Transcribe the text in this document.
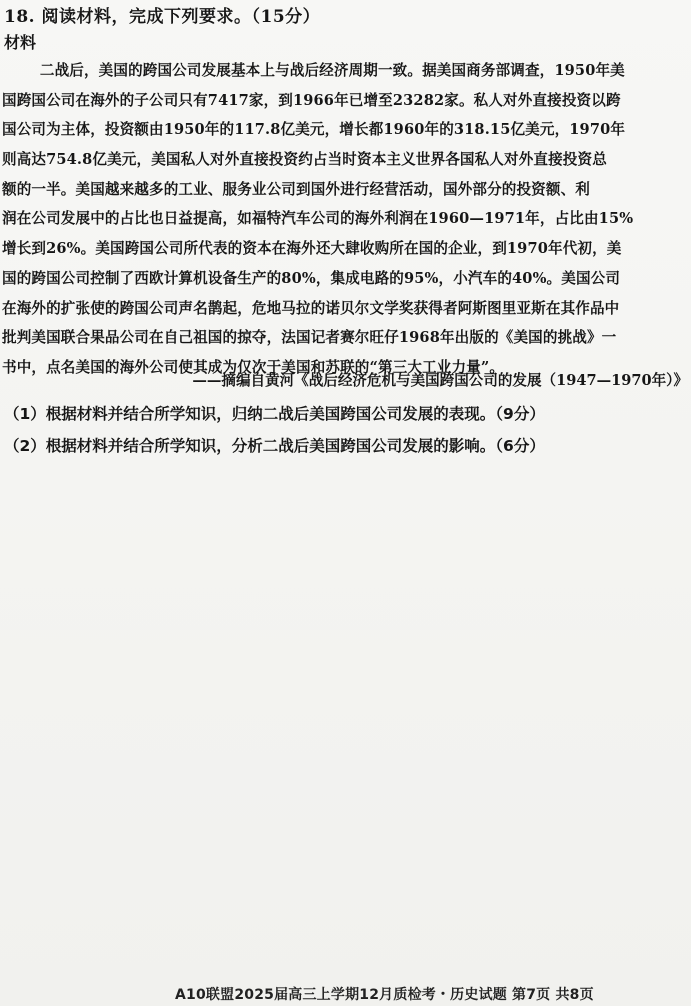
18. 阅读材料，完成下列要求。（15分）
材料
二战后，美国的跨国公司发展基本上与战后经济周期一致。据美国商务部调查，1950年美
国跨国公司在海外的子公司只有7417家，到1966年已增至23282家。私人对外直接投资以跨
国公司为主体，投资额由1950年的117.8亿美元，增长都1960年的318.15亿美元，1970年
则高达754.8亿美元，美国私人对外直接投资约占当时资本主义世界各国私人对外直接投资总
额的一半。美国越来越多的工业、服务业公司到国外进行经营活动，国外部分的投资额、利
润在公司发展中的占比也日益提高，如福特汽车公司的海外利润在1960—1971年，占比由15%
增长到26%。美国跨国公司所代表的资本在海外还大肆收购所在国的企业，到1970年代初，美
国的跨国公司控制了西欧计算机设备生产的80%，集成电路的95%，小汽车的40%。美国公司
在海外的扩张使的跨国公司声名鹊起，危地马拉的诺贝尔文学奖获得者阿斯图里亚斯在其作品中
批判美国联合果品公司在自己祖国的掠夺，法国记者赛尔旺仔1968年出版的《美国的挑战》一
书中，点名美国的海外公司使其成为仅次于美国和苏联的“第三大工业力量”。
——摘编自黄河《战后经济危机与美国跨国公司的发展（1947—1970年）》
（1）根据材料并结合所学知识，归纳二战后美国跨国公司发展的表现。（9分）
（2）根据材料并结合所学知识，分析二战后美国跨国公司发展的影响。（6分）
A10联盟2025届高三上学期12月质检考・历史试题 第7页 共8页
